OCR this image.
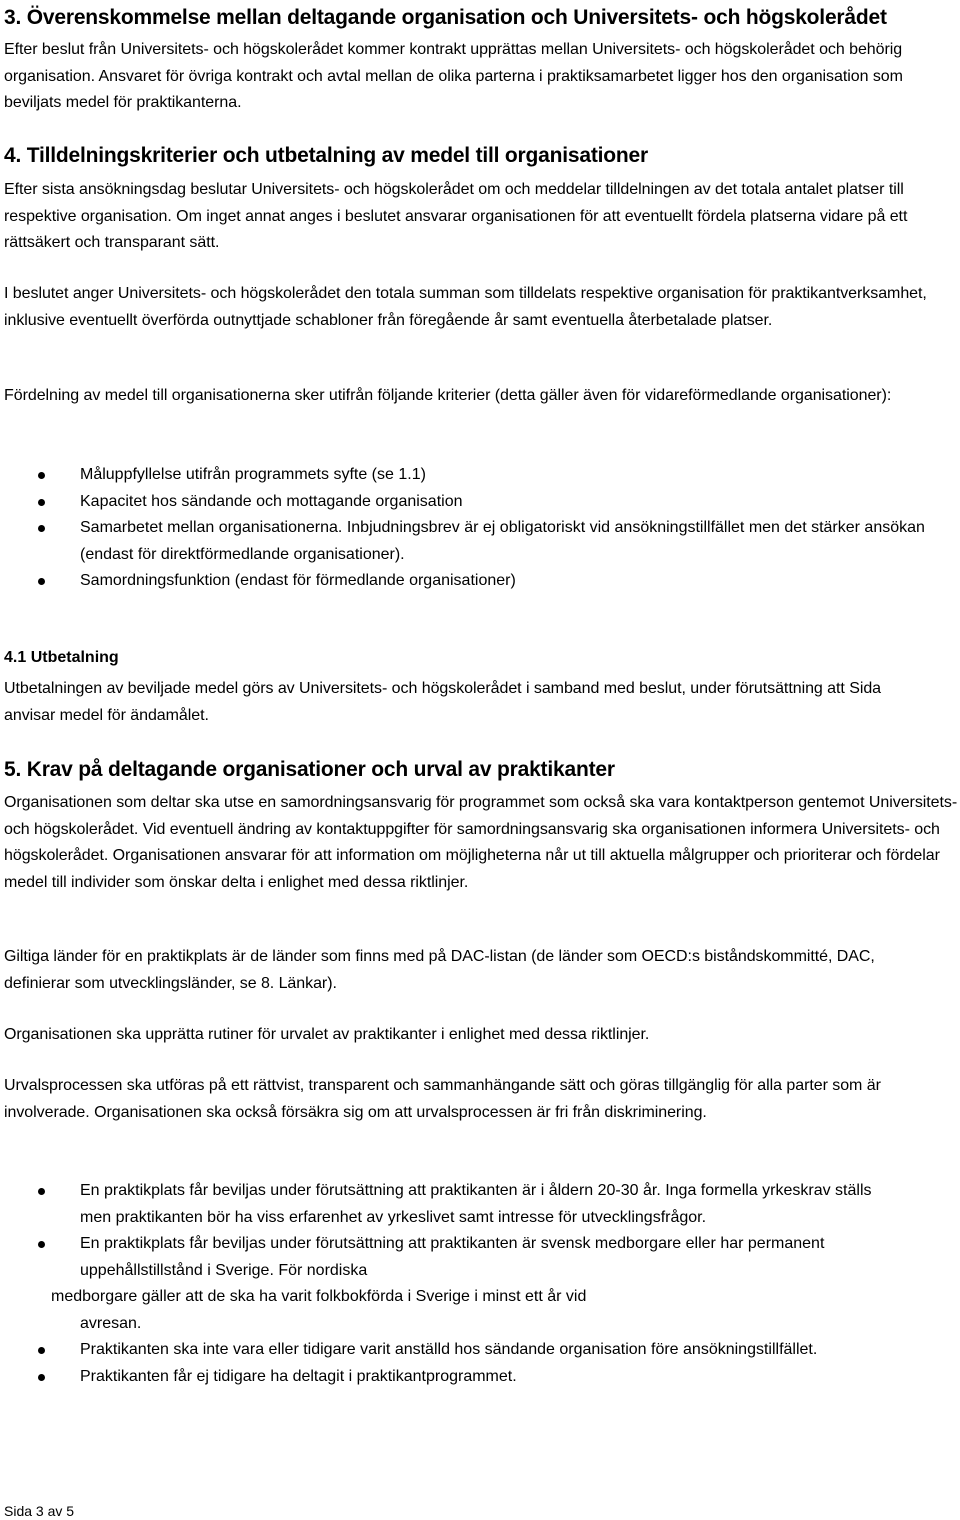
3. Överenskommelse mellan deltagande organisation och Universitets- och högskolerådet

Efter beslut från Universitets- och högskolerådet kommer kontrakt upprättas mellan Universitets- och högskolerådet och behörig organisation. Ansvaret för övriga kontrakt och avtal mellan de olika parterna i praktiksamarbetet ligger hos den organisation som beviljats medel för praktikanterna.

4. Tilldelningskriterier och utbetalning av medel till organisationer

Efter sista ansökningsdag beslutar Universitets- och högskolerådet om och meddelar tilldelningen av det totala antalet platser till respektive organisation. Om inget annat anges i beslutet ansvarar organisationen för att eventuellt fördela platserna vidare på ett rättsäkert och transparant sätt.

I beslutet anger Universitets- och högskolerådet den totala summan som tilldelats respektive organisation för praktikantverksamhet, inklusive eventuellt överförda outnyttjade schabloner från föregående år samt eventuella återbetalade platser.

Fördelning av medel till organisationerna sker utifrån följande kriterier (detta gäller även för vidareförmedlande organisationer):

Måluppfyllelse utifrån programmets syfte (se 1.1)
Kapacitet hos sändande och mottagande organisation
Samarbetet mellan organisationerna. Inbjudningsbrev är ej obligatoriskt vid ansökningstillfället men det stärker ansökan (endast för direktförmedlande organisationer).
Samordningsfunktion (endast för förmedlande organisationer)
4.1 Utbetalning

Utbetalningen av beviljade medel görs av Universitets- och högskolerådet i samband med beslut, under förutsättning att Sida anvisar medel för ändamålet.

5. Krav på deltagande organisationer och urval av praktikanter

Organisationen som deltar ska utse en samordningsansvarig för programmet som också ska vara kontaktperson gentemot Universitets- och högskolerådet. Vid eventuell ändring av kontaktuppgifter för samordningsansvarig ska organisationen informera Universitets- och högskolerådet. Organisationen ansvarar för att information om möjligheterna når ut till aktuella målgrupper och prioriterar och fördelar medel till individer som önskar delta i enlighet med dessa riktlinjer.

Giltiga länder för en praktikplats är de länder som finns med på DAC-listan (de länder som OECD:s biståndskommitté, DAC, definierar som utvecklingsländer, se 8. Länkar).

Organisationen ska upprätta rutiner för urvalet av praktikanter i enlighet med dessa riktlinjer.

Urvalsprocessen ska utföras på ett rättvist, transparent och sammanhängande sätt och göras tillgänglig för alla parter som är involverade. Organisationen ska också försäkra sig om att urvalsprocessen är fri från diskriminering.

En praktikplats får beviljas under förutsättning att praktikanten är i åldern 20-30 år. Inga formella yrkeskrav ställs men praktikanten bör ha viss erfarenhet av yrkeslivet samt intresse för utvecklingsfrågor.
En praktikplats får beviljas under förutsättning att praktikanten är svensk medborgare eller har permanent uppehållstillstånd i Sverige. För nordiska
medborgare gäller att de ska ha varit folkbokförda i Sverige i minst ett år vid
avresan.
Praktikanten ska inte vara eller tidigare varit anställd hos sändande organisation före ansökningstillfället.
Praktikanten får ej tidigare ha deltagit i praktikantprogrammet.
Sida 3 av 5
